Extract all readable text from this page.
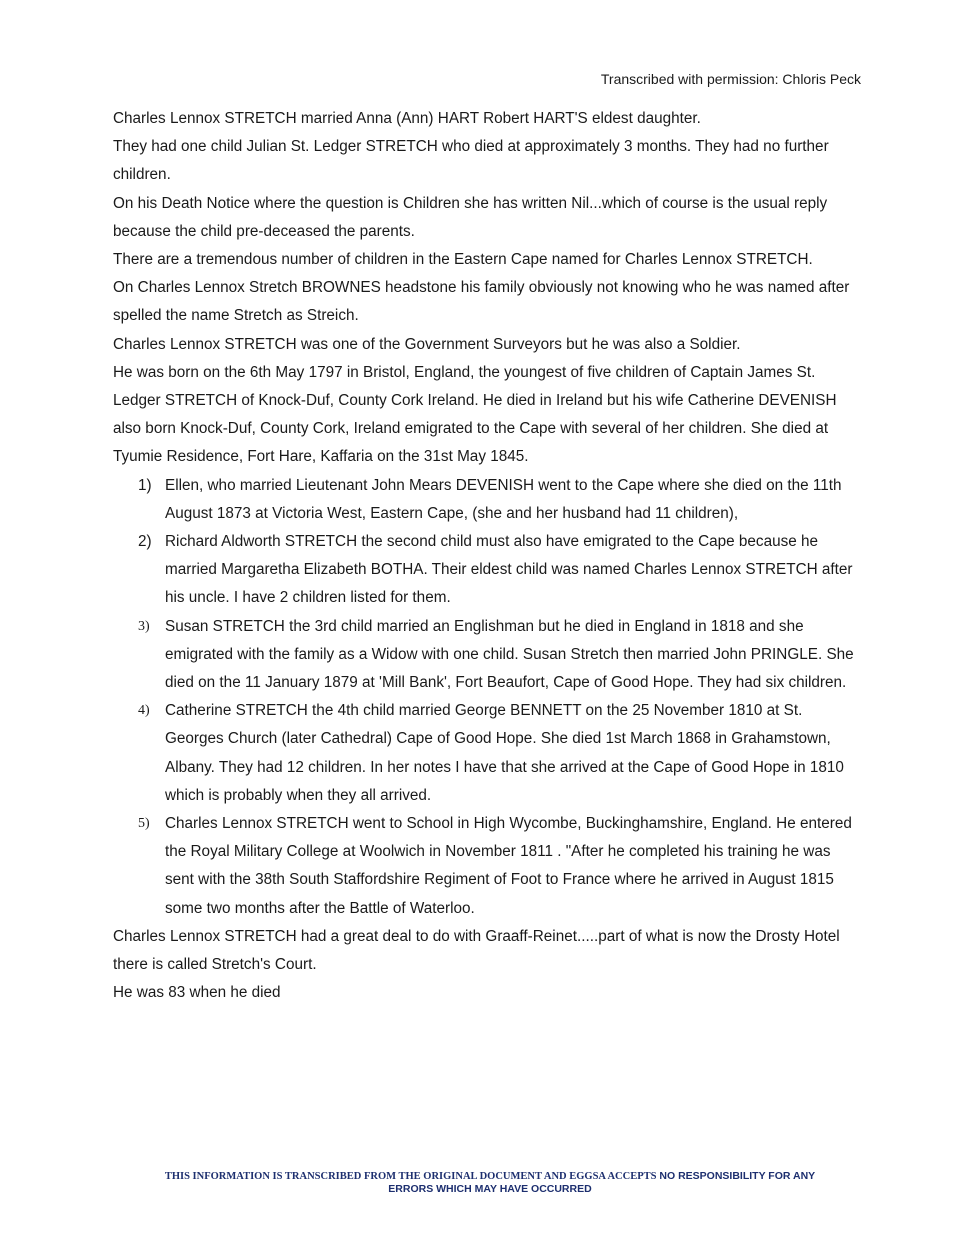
Transcribed with permission: Chloris Peck

Charles Lennox STRETCH married Anna (Ann) HART Robert HART'S eldest daughter.

They had one child Julian St. Ledger STRETCH who died at approximately 3 months. They had no further children.

On his Death Notice where the question is Children she has written Nil...which of course is the usual reply because the child pre-deceased the parents.

There are a tremendous number of children in the Eastern Cape named for Charles Lennox STRETCH.

On Charles Lennox Stretch BROWNES headstone his family obviously not knowing who he was named after spelled the name Stretch as Streich.

Charles Lennox STRETCH was one of the Government Surveyors but he was also a Soldier.

He was born on the 6th May 1797 in Bristol, England, the youngest of five children of Captain James St. Ledger STRETCH of Knock-Duf, County Cork Ireland. He died in Ireland but his wife Catherine DEVENISH also born Knock-Duf, County Cork, Ireland emigrated to the Cape with several of her children. She died at Tyumie Residence, Fort Hare, Kaffaria on the 31st May 1845.

1) Ellen, who married Lieutenant John Mears DEVENISH went to the Cape where she died on the 11th August 1873 at Victoria West, Eastern Cape, (she and her husband had 11 children),
2) Richard Aldworth STRETCH the second child must also have emigrated to the Cape because he married Margaretha Elizabeth BOTHA. Their eldest child was named Charles Lennox STRETCH after his uncle. I have 2 children listed for them.
3) Susan STRETCH the 3rd child married an Englishman but he died in England in 1818 and she emigrated with the family as a Widow with one child. Susan Stretch then married John PRINGLE. She died on the 11 January 1879 at 'Mill Bank', Fort Beaufort, Cape of Good Hope. They had six children.
4) Catherine STRETCH the 4th child married George BENNETT on the 25 November 1810 at St. Georges Church (later Cathedral) Cape of Good Hope. She died 1st March 1868 in Grahamstown, Albany. They had 12 children. In her notes I have that she arrived at the Cape of Good Hope in 1810 which is probably when they all arrived.
5) Charles Lennox STRETCH went to School in High Wycombe, Buckinghamshire, England. He entered the Royal Military College at Woolwich in November 1811 . "After he completed his training he was sent with the 38th South Staffordshire Regiment of Foot to France where he arrived in August 1815 some two months after the Battle of Waterloo.

Charles Lennox STRETCH had a great deal to do with Graaff-Reinet.....part of what is now the Drosty Hotel there is called Stretch's Court.

He was 83 when he died

THIS INFORMATION IS TRANSCRIBED FROM THE ORIGINAL DOCUMENT AND EGGSA ACCEPTS NO RESPONSIBILITY FOR ANY
ERRORS WHICH MAY HAVE OCCURRED
